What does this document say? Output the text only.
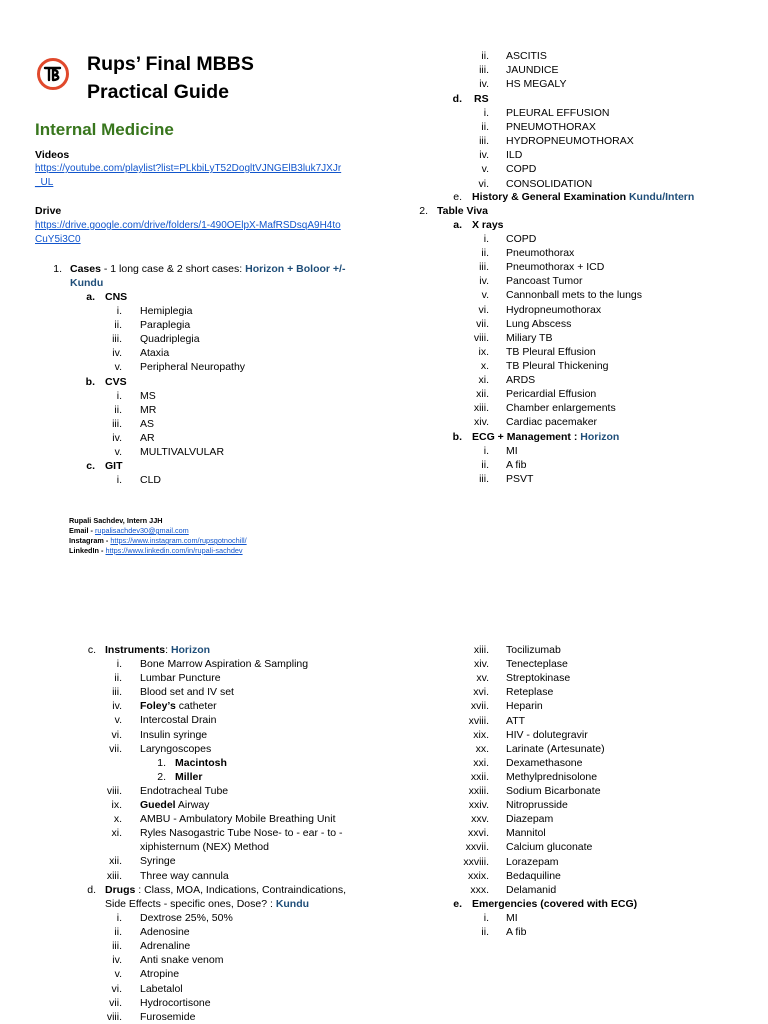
Rups’ Final MBBS
Practical Guide
Internal Medicine
Videos
https://youtube.com/playlist?list=PLkbiLyT52DogltVJNGElB3luk7JXJr
_UL
Drive
https://drive.google.com/drive/folders/1-490OElpX-MafRSDsqA9H4to
CuY5i3C0
1. Cases - 1 long case & 2 short cases: Horizon + Boloor +/-
Kundu
a. CNS
i. Hemiplegia
ii. Paraplegia
iii. Quadriplegia
iv. Ataxia
v. Peripheral Neuropathy
b. CVS
i. MS
ii. MR
iii. AS
iv. AR
v. MULTIVALVULAR
c. GIT
i. CLD
ii. ASCITIS
iii. JAUNDICE
iv. HS MEGALY
d. RS
i. PLEURAL EFFUSION
ii. PNEUMOTHORAX
iii. HYDROPNEUMOTHORAX
iv. ILD
v. COPD
vi. CONSOLIDATION
e. History & General Examination Kundu/Intern
2. Table Viva
a. X rays
i. COPD
ii. Pneumothorax
iii. Pneumothorax + ICD
iv. Pancoast Tumor
v. Cannonball mets to the lungs
vi. Hydropneumothorax
vii. Lung Abscess
viii. Miliary TB
ix. TB Pleural Effusion
x. TB Pleural Thickening
xi. ARDS
xii. Pericardial Effusion
xiii. Chamber enlargements
xiv. Cardiac pacemaker
b. ECG + Management : Horizon
i. MI
ii. A fib
iii. PSVT
Rupali Sachdev, Intern JJH
Email - rupalisachdev30@gmail.com
Instagram - https://www.instagram.com/rupsgotnochill/
LinkedIn - https://www.linkedin.com/in/rupali-sachdev
c. Instruments: Horizon
i. Bone Marrow Aspiration & Sampling
ii. Lumbar Puncture
iii. Blood set and IV set
iv. Foley’s catheter
v. Intercostal Drain
vi. Insulin syringe
vii. Laryngoscopes
1. Macintosh
2. Miller
viii. Endotracheal Tube
ix. Guedel Airway
x. AMBU - Ambulatory Mobile Breathing Unit
xi. Ryles Nasogastric Tube Nose- to - ear - to -
xiphisternum (NEX) Method
xii. Syringe
xiii. Three way cannula
d. Drugs : Class, MOA, Indications, Contraindications,
Side Effects - specific ones, Dose? : Kundu
i. Dextrose 25%, 50%
ii. Adenosine
iii. Adrenaline
iv. Anti snake venom
v. Atropine
vi. Labetalol
vii. Hydrocortisone
viii. Furosemide
xiii. Tocilizumab
xiv. Tenecteplase
xv. Streptokinase
xvi. Reteplase
xvii. Heparin
xviii. ATT
xix. HIV - dolutegravir
xx. Larinate (Artesunate)
xxi. Dexamethasone
xxii. Methylprednisolone
xxiii. Sodium Bicarbonate
xxiv. Nitroprusside
xxv. Diazepam
xxvi. Mannitol
xxvii. Calcium gluconate
xxviii. Lorazepam
xxix. Bedaquiline
xxx. Delamanid
e. Emergencies (covered with ECG)
i. MI
ii. A fib
